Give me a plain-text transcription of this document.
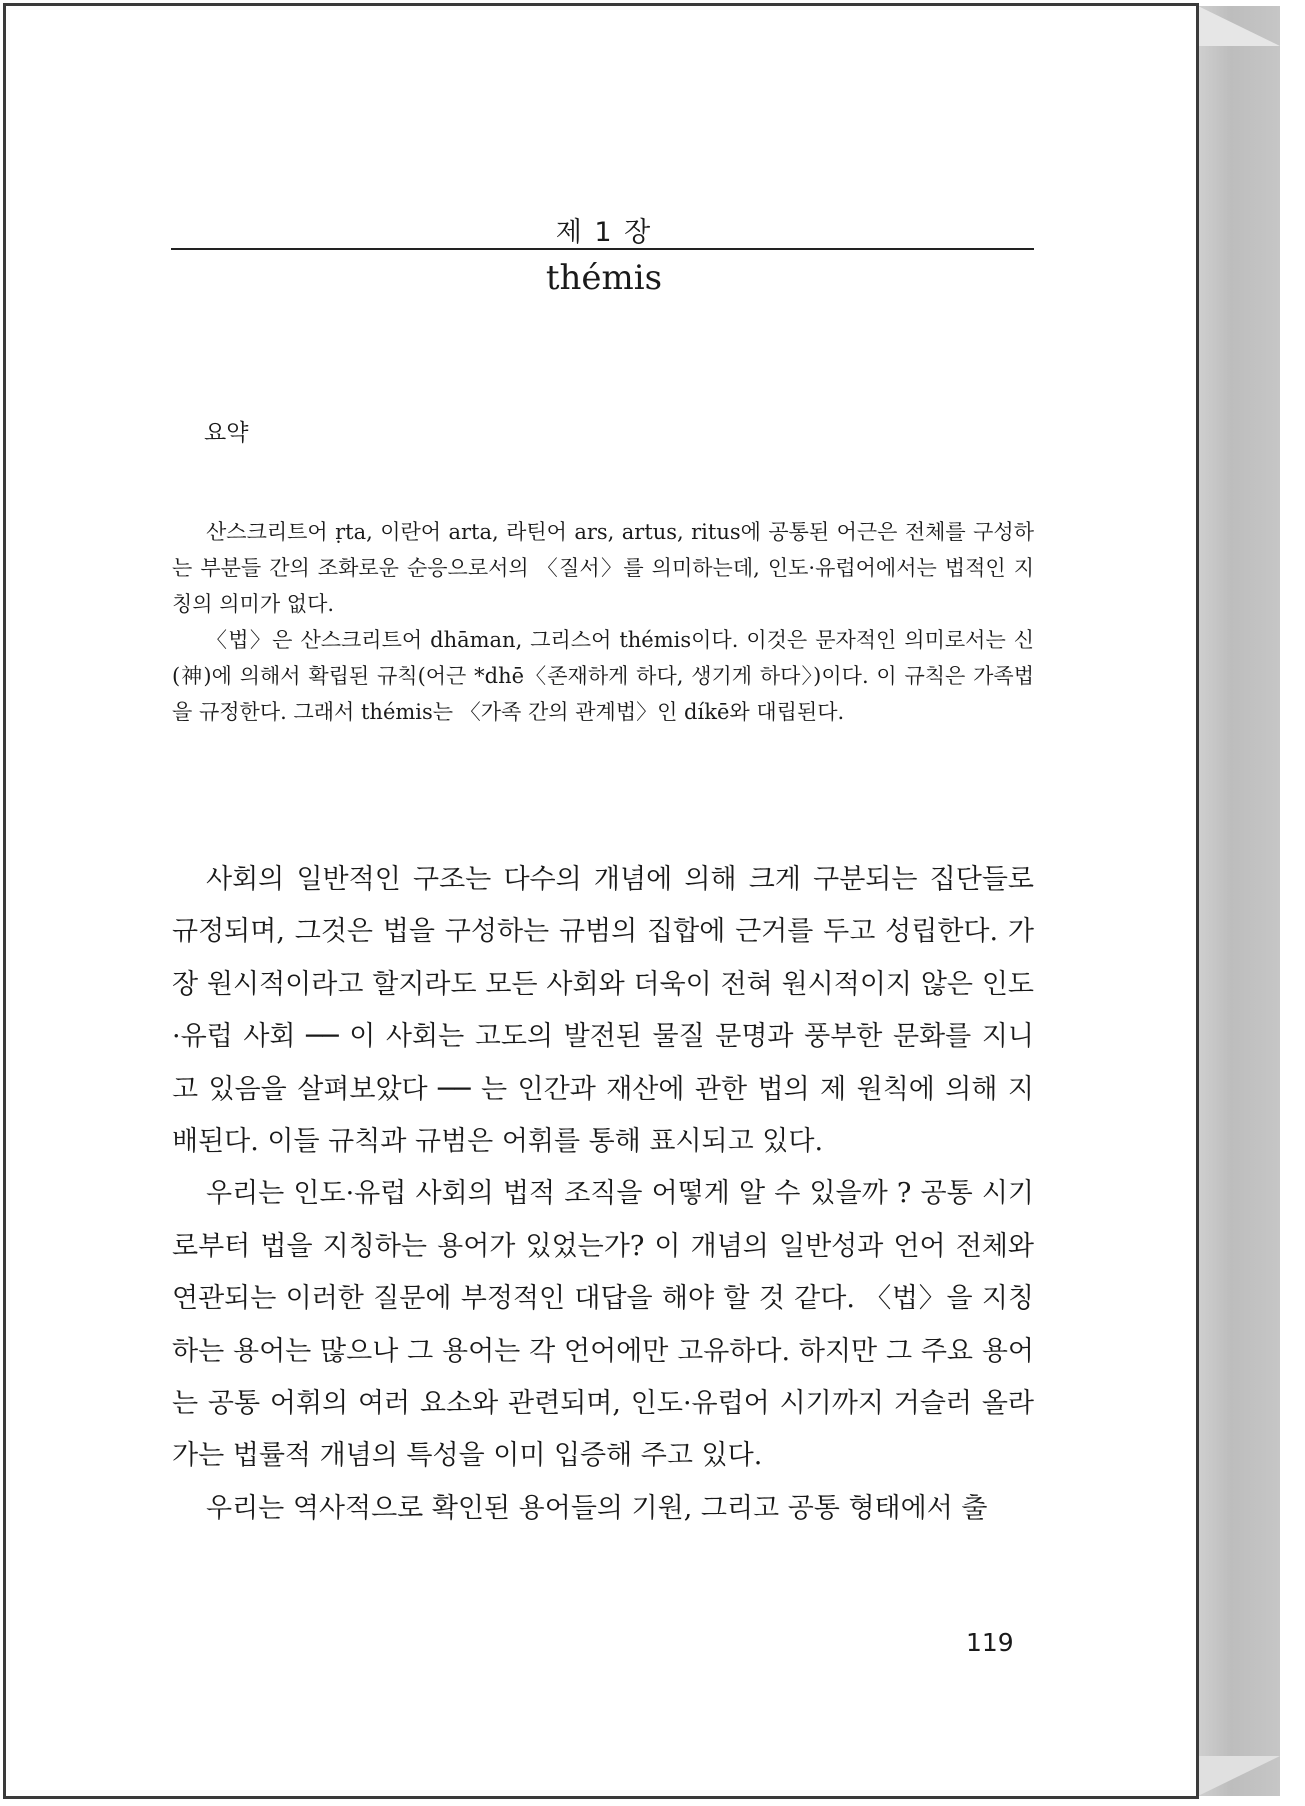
제 1 장
thémis
요약

산스크리트어 ṛta, 이란어 arta, 라틴어 ars, artus, ritus에 공통된 어근은 전체를 구성하는 부분들 간의 조화로운 순응으로서의 〈질서〉를 의미하는데, 인도·유럽어에서는 법적인 지칭의 의미가 없다.

〈법〉은 산스크리트어 dhāman, 그리스어 thémis이다. 이것은 문자적인 의미로서는 신(神)에 의해서 확립된 규칙(어근 *dhē〈존재하게 하다, 생기게 하다〉)이다. 이 규칙은 가족법을 규정한다. 그래서 thémis는 〈가족 간의 관계법〉인 díkē와 대립된다.

사회의 일반적인 구조는 다수의 개념에 의해 크게 구분되는 집단들로 규정되며, 그것은 법을 구성하는 규범의 집합에 근거를 두고 성립한다. 가장 원시적이라고 할지라도 모든 사회와 더욱이 전혀 원시적이지 않은 인도·유럽 사회 ── 이 사회는 고도의 발전된 물질 문명과 풍부한 문화를 지니고 있음을 살펴보았다 ── 는 인간과 재산에 관한 법의 제 원칙에 의해 지배된다. 이들 규칙과 규범은 어휘를 통해 표시되고 있다.

우리는 인도·유럽 사회의 법적 조직을 어떻게 알 수 있을까 ? 공통 시기로부터 법을 지칭하는 용어가 있었는가? 이 개념의 일반성과 언어 전체와 연관되는 이러한 질문에 부정적인 대답을 해야 할 것 같다. 〈법〉을 지칭하는 용어는 많으나 그 용어는 각 언어에만 고유하다. 하지만 그 주요 용어는 공통 어휘의 여러 요소와 관련되며, 인도·유럽어 시기까지 거슬러 올라가는 법률적 개념의 특성을 이미 입증해 주고 있다.

우리는 역사적으로 확인된 용어들의 기원, 그리고 공통 형태에서 출

119
